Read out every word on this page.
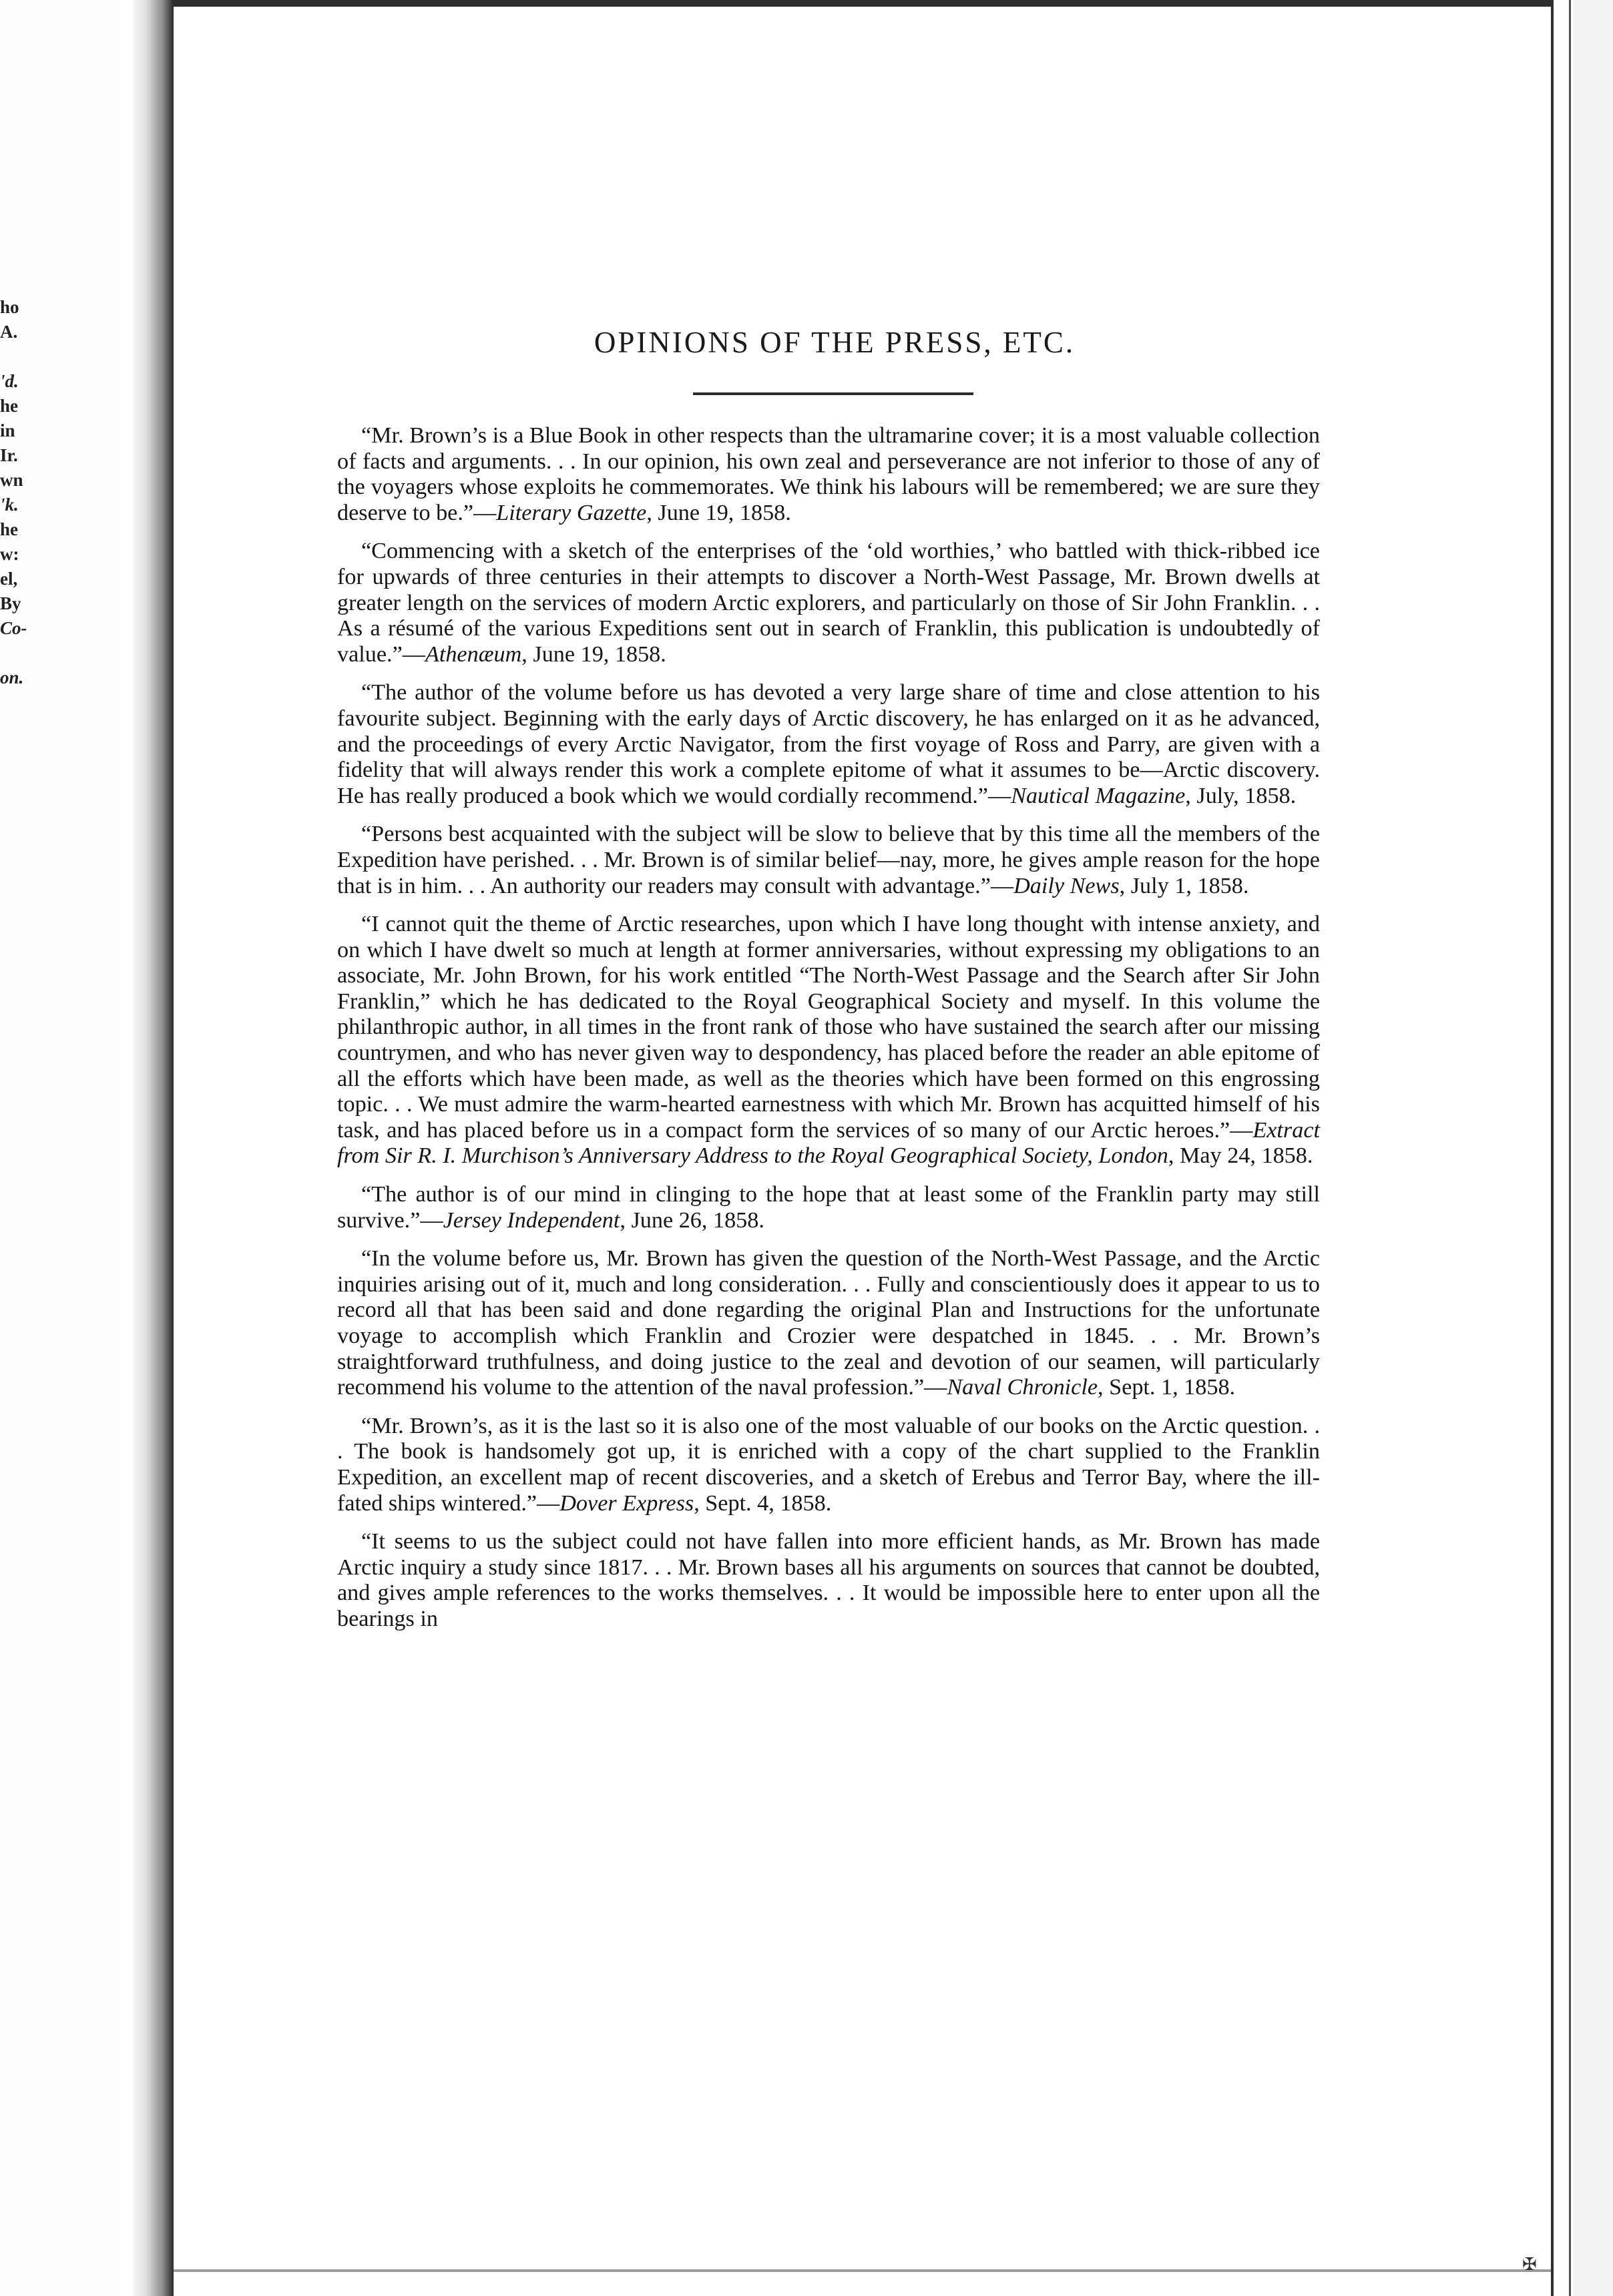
ho
A.
'd.
he
in
Ir.
wn
'k.
he
w:
el,
By
Co-
on.
OPINIONS OF THE PRESS, ETC.

“Mr. Brown’s is a Blue Book in other respects than the ultramarine cover; it is a most valuable collection of facts and arguments. . . In our opinion, his own zeal and perseverance are not inferior to those of any of the voyagers whose exploits he commemorates. We think his labours will be remembered; we are sure they deserve to be.”—Literary Gazette, June 19, 1858.

“Commencing with a sketch of the enterprises of the ‘old worthies,’ who battled with thick-ribbed ice for upwards of three centuries in their attempts to discover a North-West Passage, Mr. Brown dwells at greater length on the services of modern Arctic explorers, and particularly on those of Sir John Franklin. . . As a résumé of the various Expeditions sent out in search of Franklin, this publication is undoubtedly of value.”—Athenæum, June 19, 1858.

“The author of the volume before us has devoted a very large share of time and close attention to his favourite subject. Beginning with the early days of Arctic discovery, he has enlarged on it as he advanced, and the proceedings of every Arctic Navigator, from the first voyage of Ross and Parry, are given with a fidelity that will always render this work a complete epitome of what it assumes to be—Arctic discovery. He has really produced a book which we would cordially recommend.”—Nautical Magazine, July, 1858.

“Persons best acquainted with the subject will be slow to believe that by this time all the members of the Expedition have perished. . . Mr. Brown is of similar belief—nay, more, he gives ample reason for the hope that is in him. . . An authority our readers may consult with advantage.”—Daily News, July 1, 1858.

“I cannot quit the theme of Arctic researches, upon which I have long thought with intense anxiety, and on which I have dwelt so much at length at former anniversaries, without expressing my obligations to an associate, Mr. John Brown, for his work entitled “The North-West Passage and the Search after Sir John Franklin,” which he has dedicated to the Royal Geographical Society and myself. In this volume the philanthropic author, in all times in the front rank of those who have sustained the search after our missing countrymen, and who has never given way to despondency, has placed before the reader an able epitome of all the efforts which have been made, as well as the theories which have been formed on this engrossing topic. . . We must admire the warm-hearted earnestness with which Mr. Brown has acquitted himself of his task, and has placed before us in a compact form the services of so many of our Arctic heroes.”—Extract from Sir R. I. Murchison’s Anniversary Address to the Royal Geographical Society, London, May 24, 1858.

“The author is of our mind in clinging to the hope that at least some of the Franklin party may still survive.”—Jersey Independent, June 26, 1858.

“In the volume before us, Mr. Brown has given the question of the North-West Passage, and the Arctic inquiries arising out of it, much and long consideration. . . Fully and conscientiously does it appear to us to record all that has been said and done regarding the original Plan and Instructions for the unfortunate voyage to accomplish which Franklin and Crozier were despatched in 1845. . . Mr. Brown’s straightforward truthfulness, and doing justice to the zeal and devotion of our seamen, will particularly recommend his volume to the attention of the naval profession.”—Naval Chronicle, Sept. 1, 1858.

“Mr. Brown’s, as it is the last so it is also one of the most valuable of our books on the Arctic question. . . The book is handsomely got up, it is enriched with a copy of the chart supplied to the Franklin Expedition, an excellent map of recent discoveries, and a sketch of Erebus and Terror Bay, where the ill-fated ships wintered.”—Dover Express, Sept. 4, 1858.

“It seems to us the subject could not have fallen into more efficient hands, as Mr. Brown has made Arctic inquiry a study since 1817. . . Mr. Brown bases all his arguments on sources that cannot be doubted, and gives ample references to the works themselves. . . It would be impossible here to enter upon all the bearings in

✠
